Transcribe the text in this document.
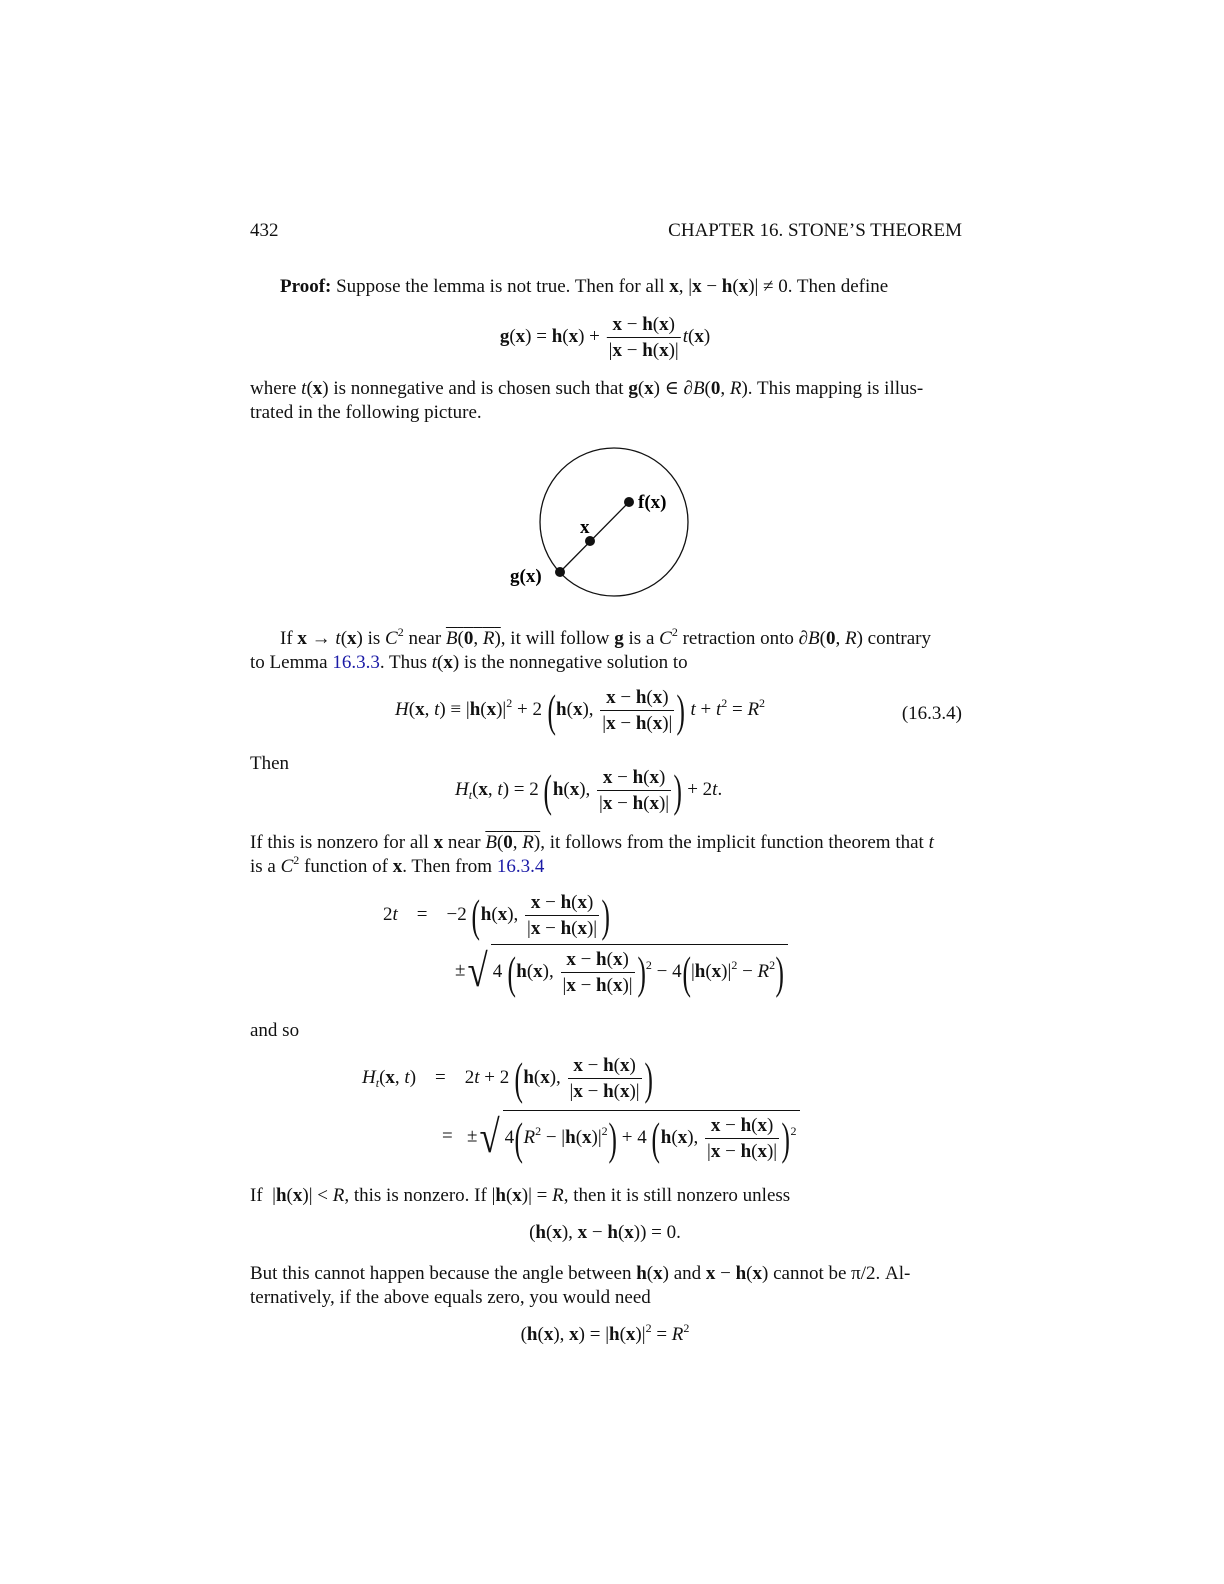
432	CHAPTER 16. STONE’S THEOREM
Proof: Suppose the lemma is not true. Then for all x, |x − h(x)| ≠ 0. Then define
$g(x) = h(x) + \frac{x - h(x)}{|x - h(x)|} t(x)$
where t(x) is nonnegative and is chosen such that g(x) ∈ ∂B(0, R). This mapping is illus-
trated in the following picture.
f(x)
x
g(x)
If x → t(x) is $C^2$ near B(0, R), it will follow g is a $C^2$ retraction onto ∂B(0, R) contrary
to Lemma 16.3.3. Thus t(x) is the nonnegative solution to
H(x, $t) \equiv |h(x)|^2 + 2$ (h(x), $\frac{x - h(x)}{|x - h(x)|}$ ) $t + t^2 = R^2$
(16.3.4)
Then
$H_t(x$, t) = 2 (h(x), $\frac{x - h(x)}{|x - h(x)|}$ ) + 2t.
If this is nonzero for all x near B(0, R), it follows from the implicit function theorem that t
is a $C^2$ function of x. Then from 16.3.4
2t    =    −2 (h(x), $\frac{x - h(x)}{|x - h(x)|}$ )
±√ 4 (h(x), $\frac{x - h(x)}{|x - h(x)|} )^2 - 4(|h(x)|^2 - R^2)$
and so
$H_t(x$, t)    =    2t + 2 (h(x), $\frac{x - h(x)}{|x - h(x)|}$ )
=   ±√ $4(R^2 - |h(x)|^2) + 4$ (h(x), $\frac{x - h(x)}{|x - h(x)|} )^2$
If  |h(x)| < R, this is nonzero. If |h(x)| = R, then it is still nonzero unless
(h(x), x − h(x)) = 0.
But this cannot happen because the angle between h(x) and x − h(x) cannot be π/2. Al-
ternatively, if the above equals zero, you would need
(h(x), $x) = |h(x)|^2 = R^2$
